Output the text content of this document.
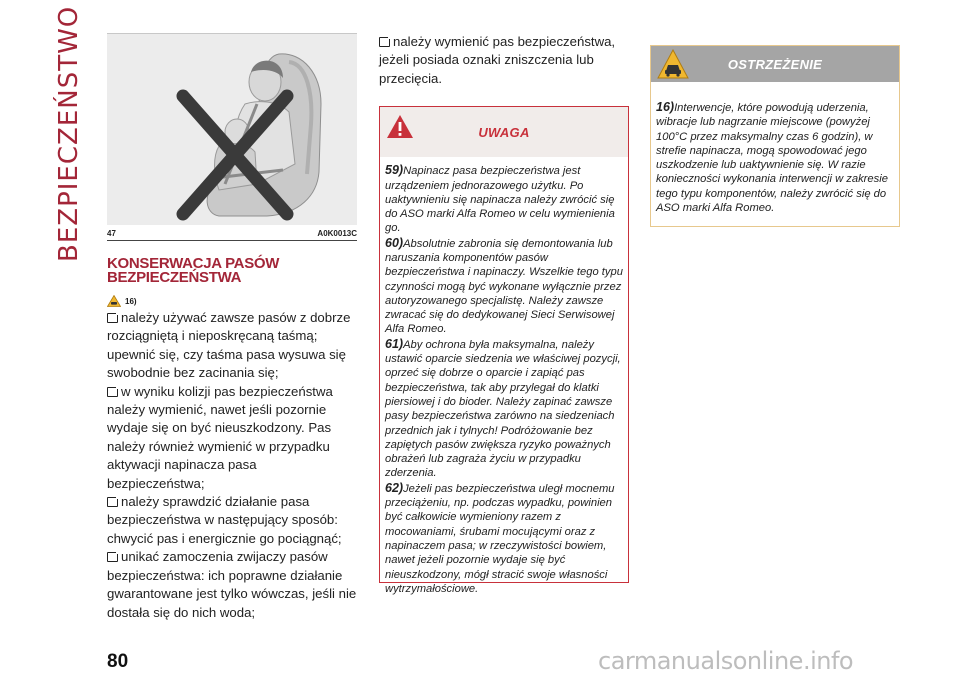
BEZPIECZEŃSTWO	47	A0K0013C
KONSERWACJA PASÓW
BEZPIECZEŃSTWA
16)
należy używać zawsze pasów z dobrze rozciągniętą i nieposkręcaną taśmą; upewnić się, czy taśma pasa wysuwa się swobodnie bez zacinania się;
w wyniku kolizji pas bezpieczeństwa należy wymienić, nawet jeśli pozornie wydaje się on być nieuszkodzony. Pas należy również wymienić w przypadku aktywacji napinacza pasa bezpieczeństwa;
należy sprawdzić działanie pasa bezpieczeństwa w następujący sposób: chwycić pas i energicznie go pociągnąć;
unikać zamoczenia zwijaczy pasów bezpieczeństwa: ich poprawne działanie gwarantowane jest tylko wówczas, jeśli nie dostała się do nich woda;
należy wymienić pas bezpieczeństwa, jeżeli posiada oznaki zniszczenia lub przecięcia.
UWAGA

59)Napinacz pasa bezpieczeństwa jest urządzeniem jednorazowego użytku. Po uaktywnieniu się napinacza należy zwrócić się do ASO marki Alfa Romeo w celu wymienienia go.

60)Absolutnie zabronia się demontowania lub naruszania komponentów pasów bezpieczeństwa i napinaczy. Wszelkie tego typu czynności mogą być wykonane wyłącznie przez autoryzowanego specjalistę. Należy zawsze zwracać się do dedykowanej Sieci Serwisowej Alfa Romeo.

61)Aby ochrona była maksymalna, należy ustawić oparcie siedzenia we właściwej pozycji, oprzeć się dobrze o oparcie i zapiąć pas bezpieczeństwa, tak aby przylegał do klatki piersiowej i do bioder. Należy zapinać zawsze pasy bezpieczeństwa zarówno na siedzeniach przednich jak i tylnych! Podróżowanie bez zapiętych pasów zwiększa ryzyko poważnych obrażeń lub zagraża życiu w przypadku zderzenia.

62)Jeżeli pas bezpieczeństwa uległ mocnemu przeciążeniu, np. podczas wypadku, powinien być całkowicie wymieniony razem z mocowaniami, śrubami mocującymi oraz z napinaczem pasa; w rzeczywistości bowiem, nawet jeżeli pozornie wydaje się być nieuszkodzony, mógł stracić swoje własności wytrzymałościowe.

OSTRZEŻENIE

16)Interwencje, które powodują uderzenia, wibracje lub nagrzanie miejscowe (powyżej 100°C przez maksymalny czas 6 godzin), w strefie napinacza, mogą spowodować jego uszkodzenie lub uaktywnienie się. W razie konieczności wykonania interwencji w zakresie tego typu komponentów, należy zwrócić się do ASO marki Alfa Romeo.

80	carmanualsonline.info
